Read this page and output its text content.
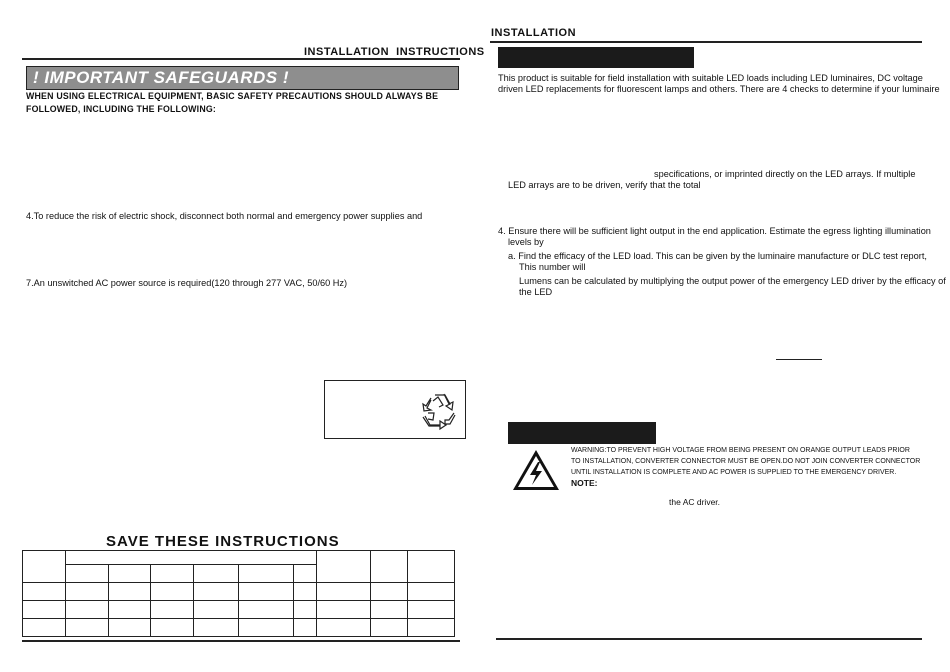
INSTALLATION  INSTRUCTIONS
! IMPORTANT SAFEGUARDS !
WHEN USING ELECTRICAL EQUIPMENT, BASIC SAFETY PRECAUTIONS SHOULD ALWAYS BE
FOLLOWED, INCLUDING THE FOLLOWING:
4.To reduce the risk of electric shock, disconnect both normal and emergency power supplies and
7.An unswitched AC power source is required(120 through 277 VAC, 50/60 Hz)
SAVE THESE INSTRUCTIONS

INSTALLATION
This product is suitable for field installation with suitable LED loads including LED luminaires, DC voltage
driven LED replacements for fluorescent lamps and others. There are 4 checks to determine if your luminaire
specifications, or imprinted directly on the LED arrays. If multiple
LED arrays are to be driven, verify that the total
4. Ensure there will be sufficient light output in the end application. Estimate the egress lighting illumination
levels by
a. Find the efficacy of the LED load. This can be given by the luminaire manufacture or DLC test report,
This number will
Lumens can be calculated by multiplying the output power of the emergency LED driver by the efficacy of
the LED
WARNING:TO PREVENT HIGH VOLTAGE FROM BEING PRESENT ON ORANGE OUTPUT LEADS PRIOR
TO INSTALLATION, CONVERTER CONNECTOR MUST BE OPEN.DO NOT JOIN CONVERTER CONNECTOR
UNTIL INSTALLATION IS COMPLETE AND AC POWER IS SUPPLIED TO THE EMERGENCY DRIVER.
NOTE:
the AC driver.
